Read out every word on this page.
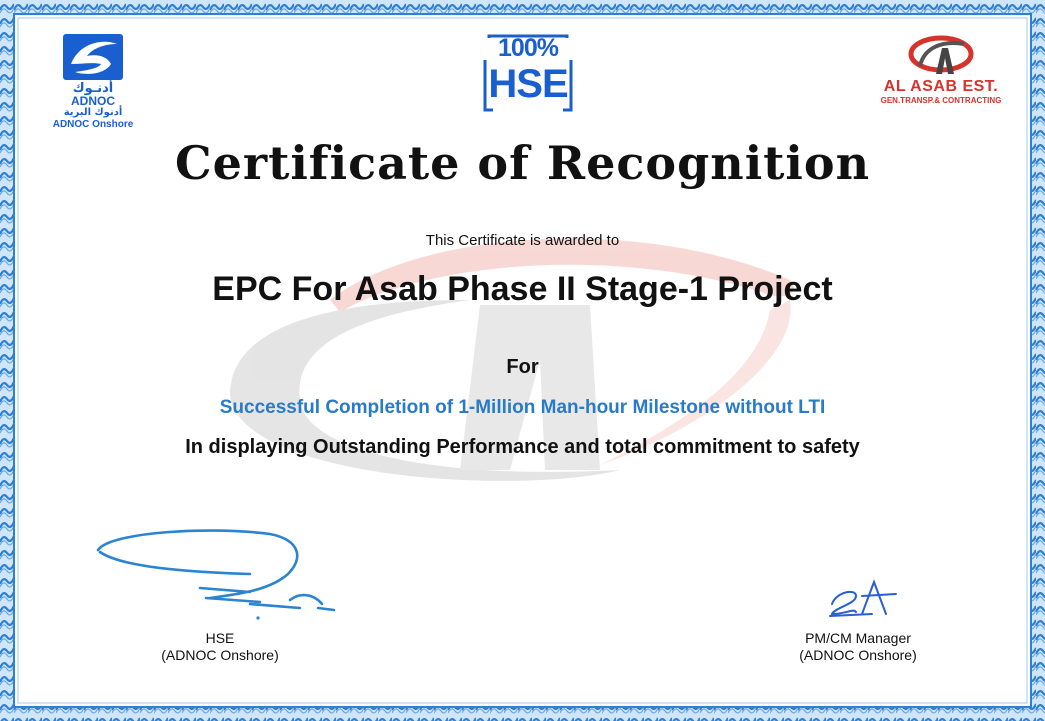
أدنـوك
ADNOC
أدنوك البرية
ADNOC Onshore
100%
HSE	AL ASAB EST.
GEN.TRANSP.& CONTRACTING
Certificate of Recognition
This Certificate is awarded to
EPC For Asab Phase II Stage-1 Project
For
Successful Completion of 1-Million Man-hour Milestone without LTI
In displaying Outstanding Performance and total commitment to safety
HSE
(ADNOC Onshore)
PM/CM Manager
(ADNOC Onshore)
